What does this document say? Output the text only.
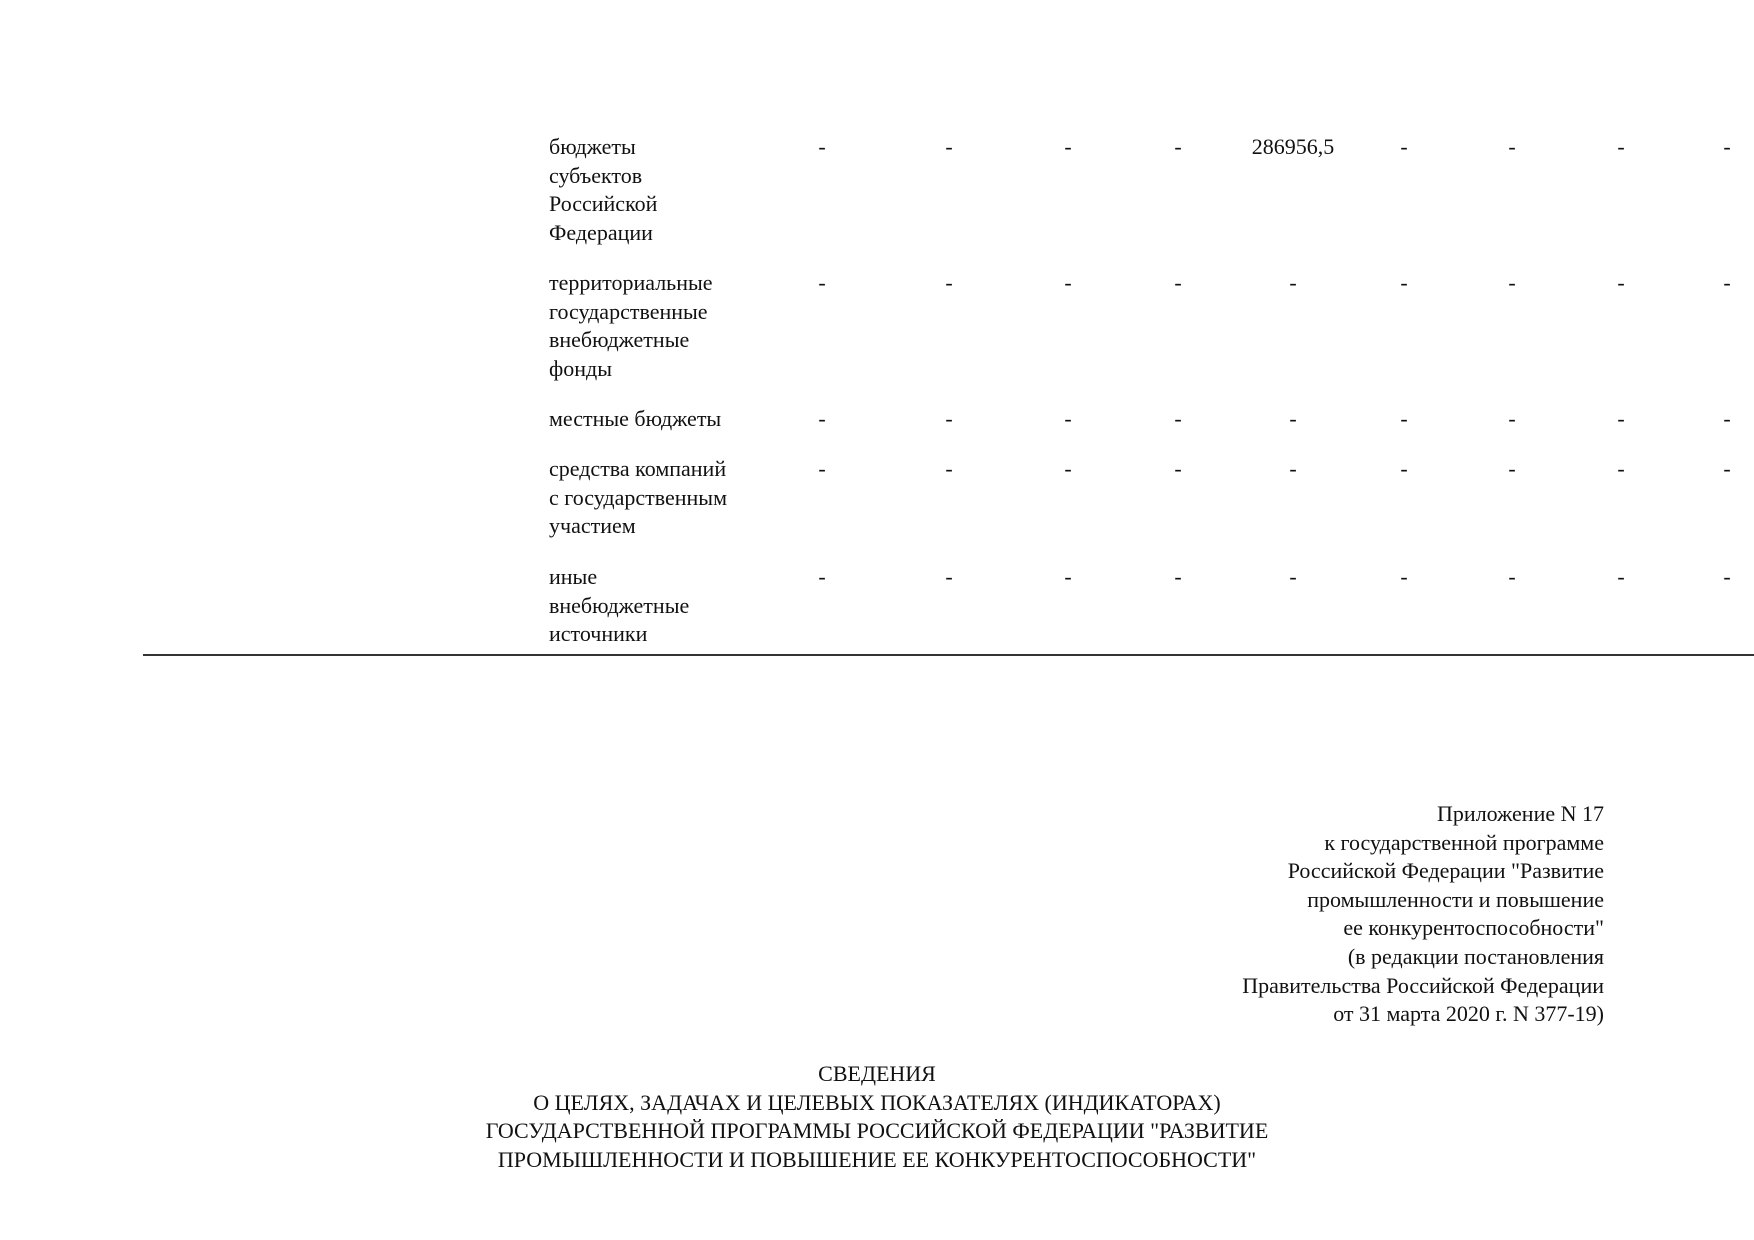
бюджеты
субъектов
Российской
Федерации
-	-	-	-	286956,5	-	-	-	-
территориальные
государственные
внебюджетные
фонды
-	-	-	-	-	-	-	-	-
местные бюджеты	-	-	-	-	-	-	-	-	-
средства компаний
с государственным
участием
-	-	-	-	-	-	-	-	-
иные
внебюджетные
источники
-	-	-	-	-	-	-	-	-
Приложение N 17
к государственной программе
Российской Федерации "Развитие
промышленности и повышение
ее конкурентоспособности"
(в редакции постановления
Правительства Российской Федерации
от 31 марта 2020 г. N 377-19)
СВЕДЕНИЯ
О ЦЕЛЯХ, ЗАДАЧАХ И ЦЕЛЕВЫХ ПОКАЗАТЕЛЯХ (ИНДИКАТОРАХ)
ГОСУДАРСТВЕННОЙ ПРОГРАММЫ РОССИЙСКОЙ ФЕДЕРАЦИИ "РАЗВИТИЕ
ПРОМЫШЛЕННОСТИ И ПОВЫШЕНИЕ ЕЕ КОНКУРЕНТОСПОСОБНОСТИ"
